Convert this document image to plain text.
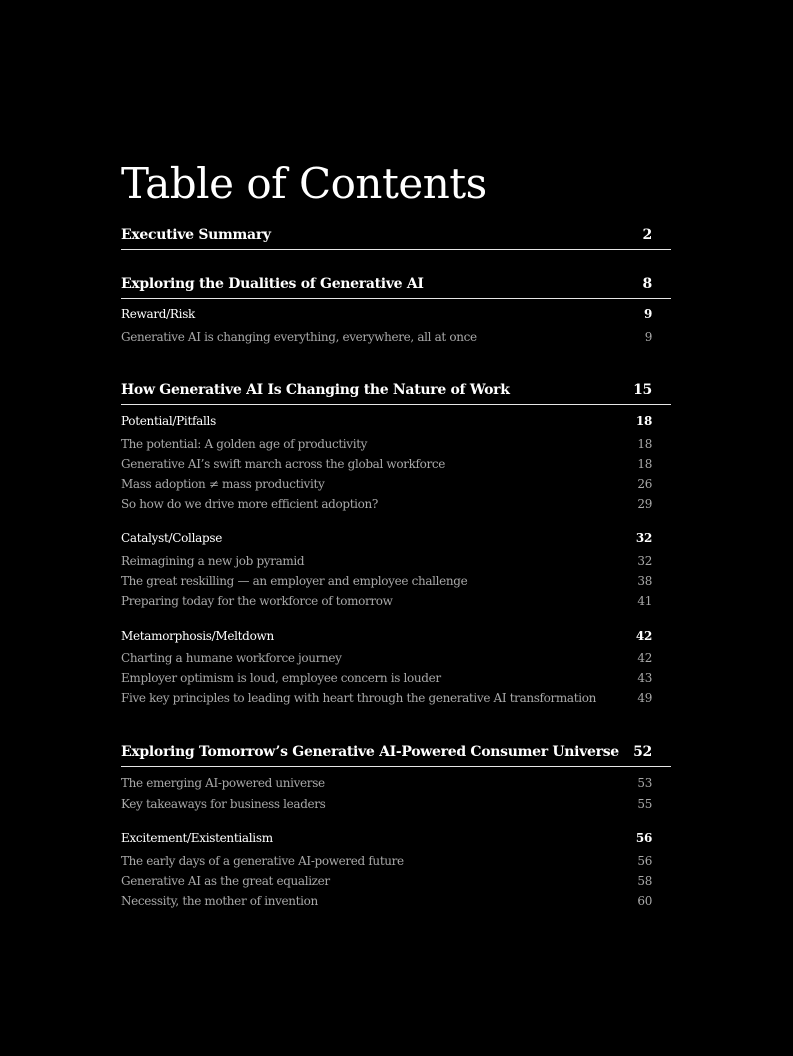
Table of Contents
Executive Summary	2
Exploring the Dualities of Generative AI	8
Reward/Risk	9
Generative AI is changing everything, everywhere, all at once	9
How Generative AI Is Changing the Nature of Work	15
Potential/Pitfalls	18
The potential: A golden age of productivity	18
Generative AI’s swift march across the global workforce	18
Mass adoption ≠ mass productivity	26
So how do we drive more efficient adoption?	29
Catalyst/Collapse	32
Reimagining a new job pyramid	32
The great reskilling — an employer and employee challenge	38
Preparing today for the workforce of tomorrow	41
Metamorphosis/Meltdown	42
Charting a humane workforce journey	42
Employer optimism is loud, employee concern is louder	43
Five key principles to leading with heart through the generative AI transformation	49
Exploring Tomorrow’s Generative AI-Powered Consumer Universe 52
The emerging AI-powered universe	53
Key takeaways for business leaders	55
Excitement/Existentialism	56
The early days of a generative AI-powered future	56
Generative AI as the great equalizer	58
Necessity, the mother of invention	60
